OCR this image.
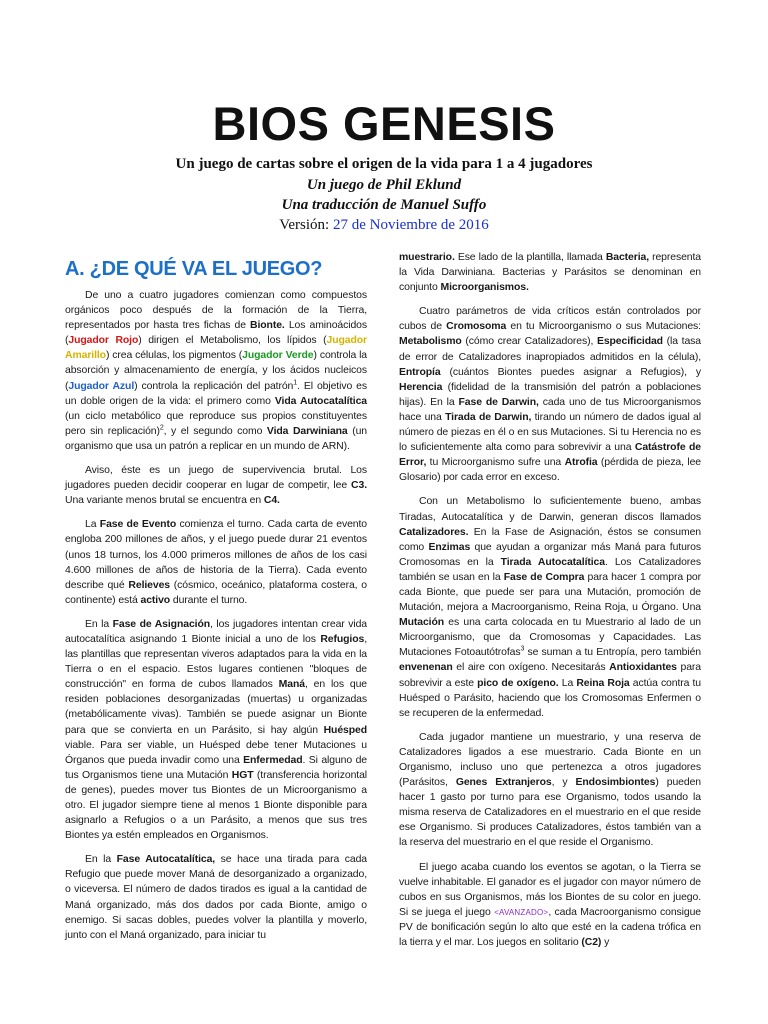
BIOS GENESIS

Un juego de cartas sobre el origen de la vida para 1 a 4 jugadores

Un juego de Phil Eklund

Una traducción de Manuel Suffo

Versión: 27 de Noviembre de 2016

A. ¿DE QUÉ VA EL JUEGO?

De uno a cuatro jugadores comienzan como compuestos orgánicos poco después de la formación de la Tierra, representados por hasta tres fichas de Bionte. Los aminoácidos (Jugador Rojo) dirigen el Metabolismo, los lípidos (Jugador Amarillo) crea células, los pigmentos (Jugador Verde) controla la absorción y almacenamiento de energía, y los ácidos nucleicos (Jugador Azul) controla la replicación del patrón$^1$. El objetivo es un doble origen de la vida: el primero como Vida Autocatalítica (un ciclo metabólico que reproduce sus propios constituyentes pero sin replicación)$^2$, y el segundo como Vida Darwiniana (un organismo que usa un patrón a replicar en un mundo de ARN).

Aviso, éste es un juego de supervivencia brutal. Los jugadores pueden decidir cooperar en lugar de competir, lee C3. Una variante menos brutal se encuentra en C4.

La Fase de Evento comienza el turno. Cada carta de evento engloba 200 millones de años, y el juego puede durar 21 eventos (unos 18 turnos, los 4.000 primeros millones de años de los casi 4.600 millones de años de historia de la Tierra). Cada evento describe qué Relieves (cósmico, oceánico, plataforma costera, o continente) está activo durante el turno.

En la Fase de Asignación, los jugadores intentan crear vida autocatalítica asignando 1 Bionte inicial a uno de los Refugios, las plantillas que representan viveros adaptados para la vida en la Tierra o en el espacio. Estos lugares contienen "bloques de construcción" en forma de cubos llamados Maná, en los que residen poblaciones desorganizadas (muertas) u organizadas (metabólicamente vivas). También se puede asignar un Bionte para que se convierta en un Parásito, si hay algún Huésped viable. Para ser viable, un Huésped debe tener Mutaciones u Órganos que pueda invadir como una Enfermedad. Si alguno de tus Organismos tiene una Mutación HGT (transferencia horizontal de genes), puedes mover tus Biontes de un Microorganismo a otro. El jugador siempre tiene al menos 1 Bionte disponible para asignarlo a Refugios o a un Parásito, a menos que sus tres Biontes ya estén empleados en Organismos.

En la Fase Autocatalítica, se hace una tirada para cada Refugio que puede mover Maná de desorganizado a organizado, o viceversa. El número de dados tirados es igual a la cantidad de Maná organizado, más dos dados por cada Bionte, amigo o enemigo. Si sacas dobles, puedes volver la plantilla y moverlo, junto con el Maná organizado, para iniciar tu

muestrario. Ese lado de la plantilla, llamada Bacteria, representa la Vida Darwiniana. Bacterias y Parásitos se denominan en conjunto Microorganismos.

Cuatro parámetros de vida críticos están controlados por cubos de Cromosoma en tu Microorganismo o sus Mutaciones: Metabolismo (cómo crear Catalizadores), Especificidad (la tasa de error de Catalizadores inapropiados admitidos en la célula), Entropía (cuántos Biontes puedes asignar a Refugios), y Herencia (fidelidad de la transmisión del patrón a poblaciones hijas). En la Fase de Darwin, cada uno de tus Microorganismos hace una Tirada de Darwin, tirando un número de dados igual al número de piezas en él o en sus Mutaciones. Si tu Herencia no es lo suficientemente alta como para sobrevivir a una Catástrofe de Error, tu Microorganismo sufre una Atrofia (pérdida de pieza, lee Glosario) por cada error en exceso.

Con un Metabolismo lo suficientemente bueno, ambas Tiradas, Autocatalítica y de Darwin, generan discos llamados Catalizadores. En la Fase de Asignación, éstos se consumen como Enzimas que ayudan a organizar más Maná para futuros Cromosomas en la Tirada Autocatalítica. Los Catalizadores también se usan en la Fase de Compra para hacer 1 compra por cada Bionte, que puede ser para una Mutación, promoción de Mutación, mejora a Macroorganismo, Reina Roja, u Órgano. Una Mutación es una carta colocada en tu Muestrario al lado de un Microorganismo, que da Cromosomas y Capacidades. Las Mutaciones Fotoautótrofas$^3$ se suman a tu Entropía, pero también envenenan el aire con oxígeno. Necesitarás Antioxidantes para sobrevivir a este pico de oxígeno. La Reina Roja actúa contra tu Huésped o Parásito, haciendo que los Cromosomas Enfermen o se recuperen de la enfermedad.

Cada jugador mantiene un muestrario, y una reserva de Catalizadores ligados a ese muestrario. Cada Bionte en un Organismo, incluso uno que pertenezca a otros jugadores (Parásitos, Genes Extranjeros, y Endosimbiontes) pueden hacer 1 gasto por turno para ese Organismo, todos usando la misma reserva de Catalizadores en el muestrario en el que reside ese Organismo. Si produces Catalizadores, éstos también van a la reserva del muestrario en el que reside el Organismo.

El juego acaba cuando los eventos se agotan, o la Tierra se vuelve inhabitable. El ganador es el jugador con mayor número de cubos en sus Organismos, más los Biontes de su color en juego. Si se juega el juego <AVANZADO>, cada Macroorganismo consigue PV de bonificación según lo alto que esté en la cadena trófica en la tierra y el mar. Los juegos en solitario (C2) y
